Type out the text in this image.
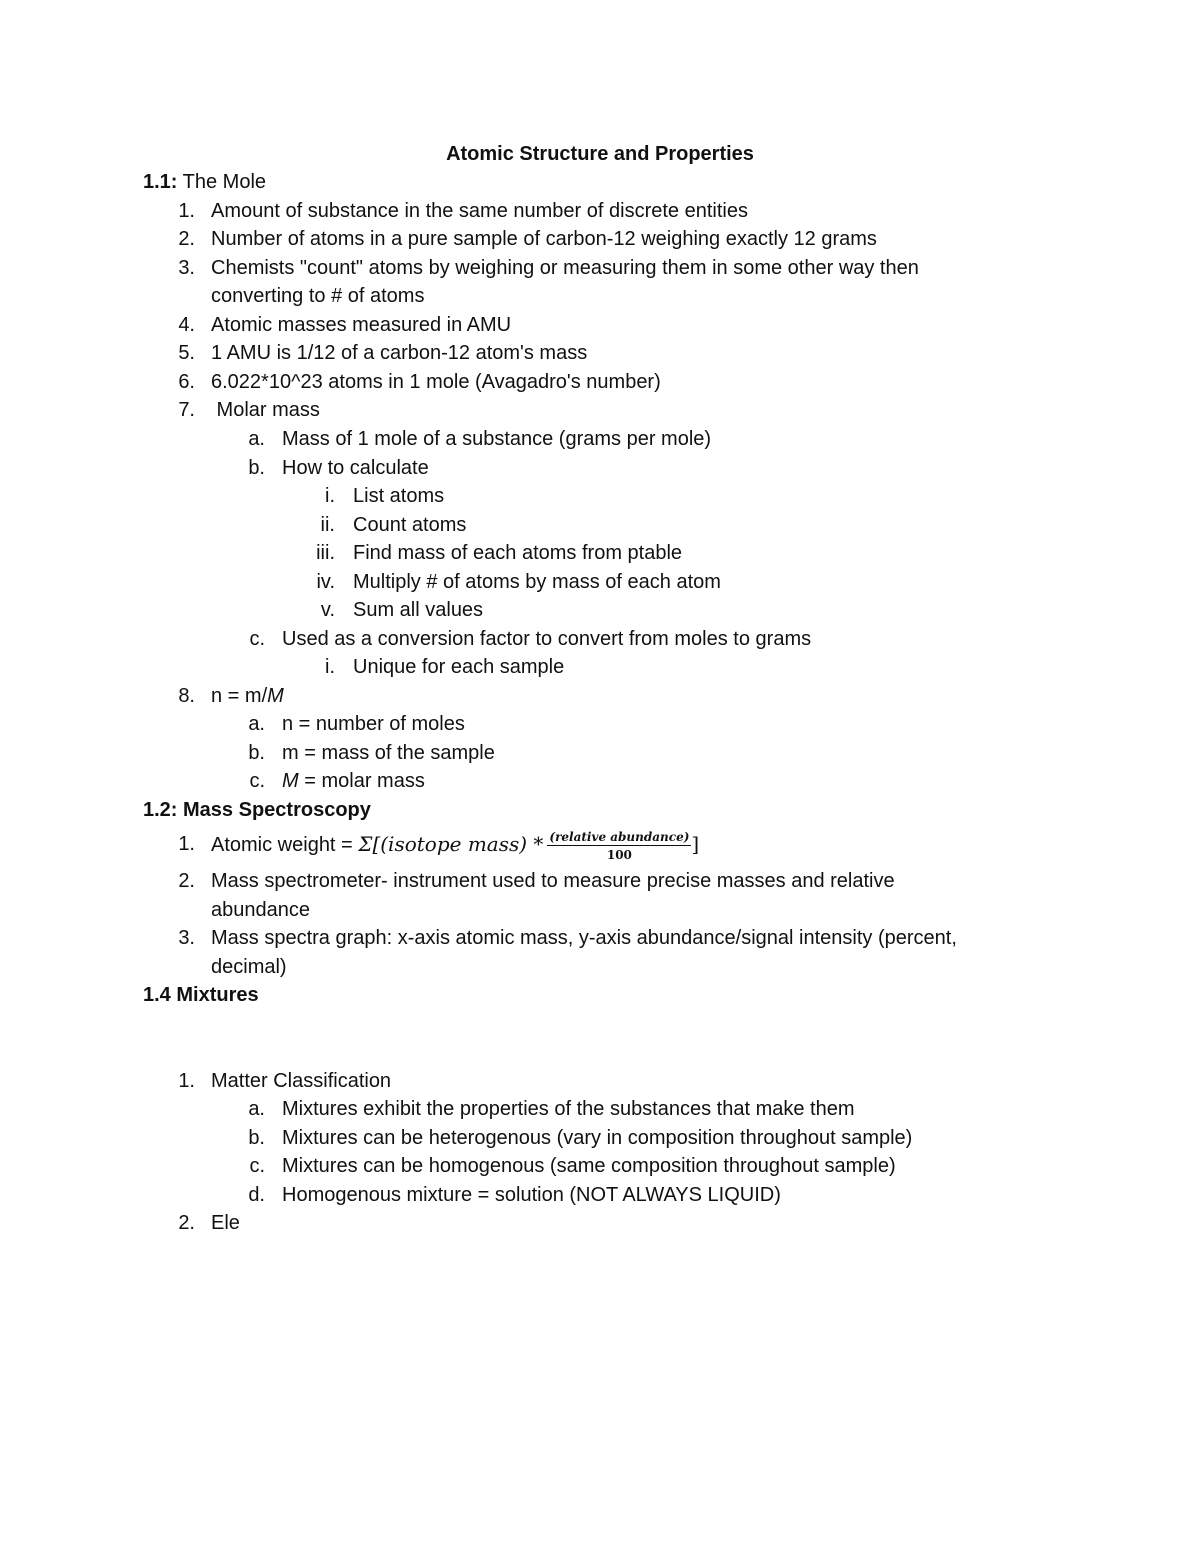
Atomic Structure and Properties
1.1: The Mole
1. Amount of substance in the same number of discrete entities
2. Number of atoms in a pure sample of carbon-12 weighing exactly 12 grams
3. Chemists "count" atoms by weighing or measuring them in some other way then
converting to # of atoms
4. Atomic masses measured in AMU
5. 1 AMU is 1/12 of a carbon-12 atom's mass
6. 6.022*10^23 atoms in 1 mole (Avagadro's number)
7. Molar mass
a. Mass of 1 mole of a substance (grams per mole)
b. How to calculate
i. List atoms
ii. Count atoms
iii. Find mass of each atoms from ptable
iv. Multiply # of atoms by mass of each atom
v. Sum all values
c. Used as a conversion factor to convert from moles to grams
i. Unique for each sample
8. n = m/M
a. n = number of moles
b. m = mass of the sample
c. M = molar mass
1.2: Mass Spectroscopy
1. Atomic weight = Σ[(isotope mass) * $\frac{\text{(relative abundance)}}{100}$ ]
2. Mass spectrometer- instrument used to measure precise masses and relative
abundance
3. Mass spectra graph: x-axis atomic mass, y-axis abundance/signal intensity (percent,
decimal)
1.4 Mixtures
1. Matter Classification
a. Mixtures exhibit the properties of the substances that make them
b. Mixtures can be heterogenous (vary in composition throughout sample)
c. Mixtures can be homogenous (same composition throughout sample)
d. Homogenous mixture = solution (NOT ALWAYS LIQUID)
2. Ele
